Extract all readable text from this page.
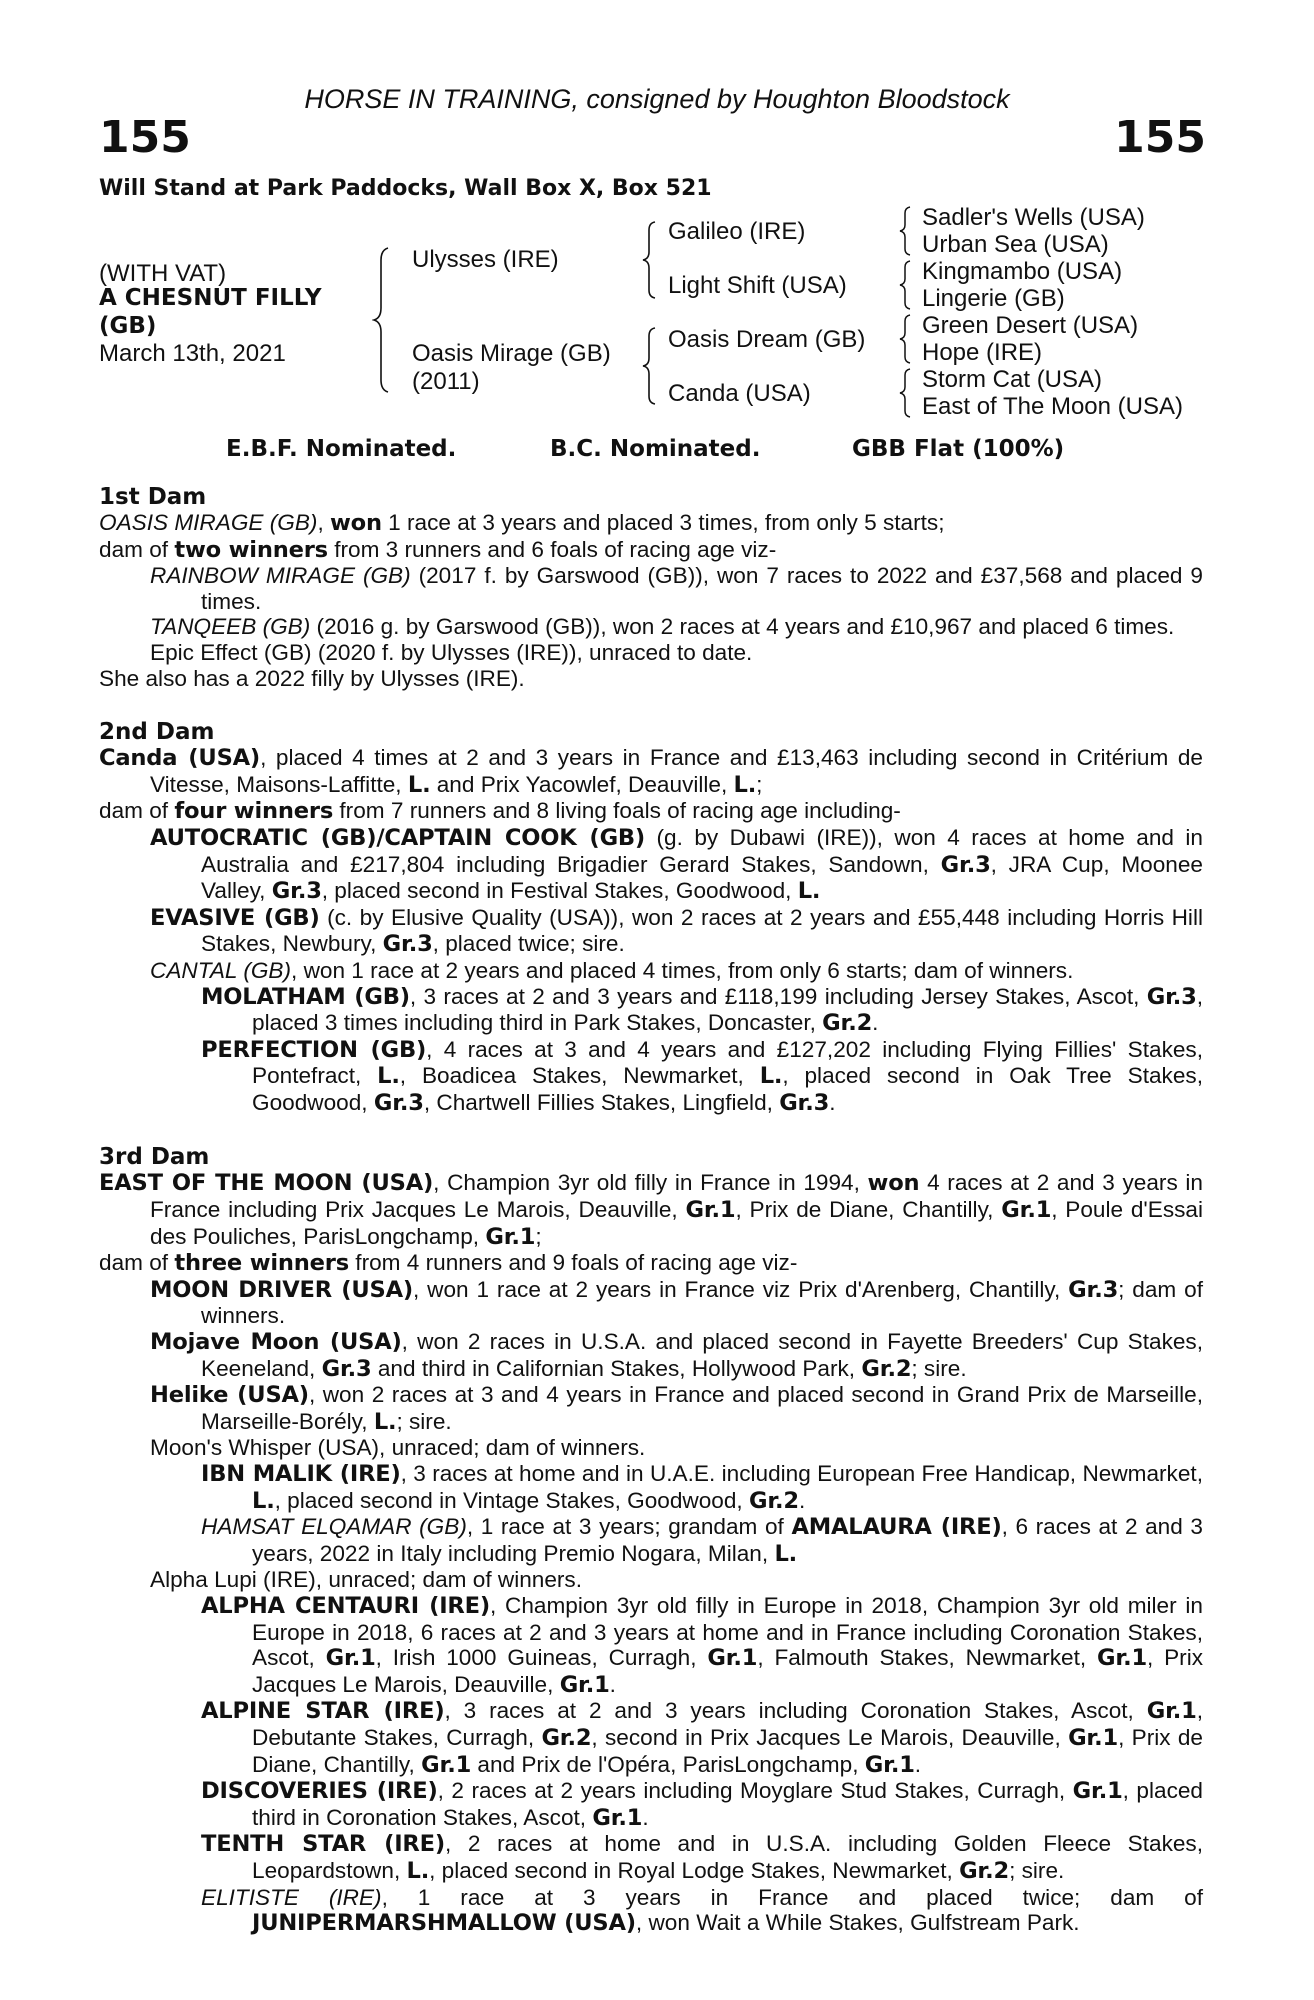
HORSE IN TRAINING, consigned by Houghton Bloodstock
155	155
Will Stand at Park Paddocks, Wall Box X, Box 521
(WITH VAT)
A CHESNUT FILLY
(GB)
March 13th, 2021
Ulysses (IRE)
Oasis Mirage (GB)
(2011)
Galileo (IRE)
Light Shift (USA)
Oasis Dream (GB)
Canda (USA)
Sadler's Wells (USA)
Urban Sea (USA)
Kingmambo (USA)
Lingerie (GB)
Green Desert (USA)
Hope (IRE)
Storm Cat (USA)
East of The Moon (USA)
E.B.F. Nominated.	B.C. Nominated.	GBB Flat (100%)
1st Dam
OASIS MIRAGE (GB), won 1 race at 3 years and placed 3 times, from only 5 starts;
dam of two winners from 3 runners and 6 foals of racing age viz-
RAINBOW MIRAGE (GB) (2017 f. by Garswood (GB)), won 7 races to 2022 and £37,568 and placed 9 times.
TANQEEB (GB) (2016 g. by Garswood (GB)), won 2 races at 4 years and £10,967 and placed 6 times.
Epic Effect (GB) (2020 f. by Ulysses (IRE)), unraced to date.
She also has a 2022 filly by Ulysses (IRE).
2nd Dam
Canda (USA), placed 4 times at 2 and 3 years in France and £13,463 including second in Critérium de Vitesse, Maisons-Laffitte, L. and Prix Yacowlef, Deauville, L.;
dam of four winners from 7 runners and 8 living foals of racing age including-
AUTOCRATIC (GB)/CAPTAIN COOK (GB) (g. by Dubawi (IRE)), won 4 races at home and in Australia and £217,804 including Brigadier Gerard Stakes, Sandown, Gr.3, JRA Cup, Moonee Valley, Gr.3, placed second in Festival Stakes, Goodwood, L.
EVASIVE (GB) (c. by Elusive Quality (USA)), won 2 races at 2 years and £55,448 including Horris Hill Stakes, Newbury, Gr.3, placed twice; sire.
CANTAL (GB), won 1 race at 2 years and placed 4 times, from only 6 starts; dam of winners.
MOLATHAM (GB), 3 races at 2 and 3 years and £118,199 including Jersey Stakes, Ascot, Gr.3, placed 3 times including third in Park Stakes, Doncaster, Gr.2.
PERFECTION (GB), 4 races at 3 and 4 years and £127,202 including Flying Fillies' Stakes, Pontefract, L., Boadicea Stakes, Newmarket, L., placed second in Oak Tree Stakes, Goodwood, Gr.3, Chartwell Fillies Stakes, Lingfield, Gr.3.
3rd Dam
EAST OF THE MOON (USA), Champion 3yr old filly in France in 1994, won 4 races at 2 and 3 years in France including Prix Jacques Le Marois, Deauville, Gr.1, Prix de Diane, Chantilly, Gr.1, Poule d'Essai des Pouliches, ParisLongchamp, Gr.1;
dam of three winners from 4 runners and 9 foals of racing age viz-
MOON DRIVER (USA), won 1 race at 2 years in France viz Prix d'Arenberg, Chantilly, Gr.3; dam of winners.
Mojave Moon (USA), won 2 races in U.S.A. and placed second in Fayette Breeders' Cup Stakes, Keeneland, Gr.3 and third in Californian Stakes, Hollywood Park, Gr.2; sire.
Helike (USA), won 2 races at 3 and 4 years in France and placed second in Grand Prix de Marseille, Marseille-Borély, L.; sire.
Moon's Whisper (USA), unraced; dam of winners.
IBN MALIK (IRE), 3 races at home and in U.A.E. including European Free Handicap, Newmarket, L., placed second in Vintage Stakes, Goodwood, Gr.2.
HAMSAT ELQAMAR (GB), 1 race at 3 years; grandam of AMALAURA (IRE), 6 races at 2 and 3 years, 2022 in Italy including Premio Nogara, Milan, L.
Alpha Lupi (IRE), unraced; dam of winners.
ALPHA CENTAURI (IRE), Champion 3yr old filly in Europe in 2018, Champion 3yr old miler in Europe in 2018, 6 races at 2 and 3 years at home and in France including Coronation Stakes, Ascot, Gr.1, Irish 1000 Guineas, Curragh, Gr.1, Falmouth Stakes, Newmarket, Gr.1, Prix Jacques Le Marois, Deauville, Gr.1.
ALPINE STAR (IRE), 3 races at 2 and 3 years including Coronation Stakes, Ascot, Gr.1, Debutante Stakes, Curragh, Gr.2, second in Prix Jacques Le Marois, Deauville, Gr.1, Prix de Diane, Chantilly, Gr.1 and Prix de l'Opéra, ParisLongchamp, Gr.1.
DISCOVERIES (IRE), 2 races at 2 years including Moyglare Stud Stakes, Curragh, Gr.1, placed third in Coronation Stakes, Ascot, Gr.1.
TENTH STAR (IRE), 2 races at home and in U.S.A. including Golden Fleece Stakes, Leopardstown, L., placed second in Royal Lodge Stakes, Newmarket, Gr.2; sire.
ELITISTE (IRE), 1 race at 3 years in France and placed twice; dam of JUNIPERMARSHMALLOW (USA), won Wait a While Stakes, Gulfstream Park.
